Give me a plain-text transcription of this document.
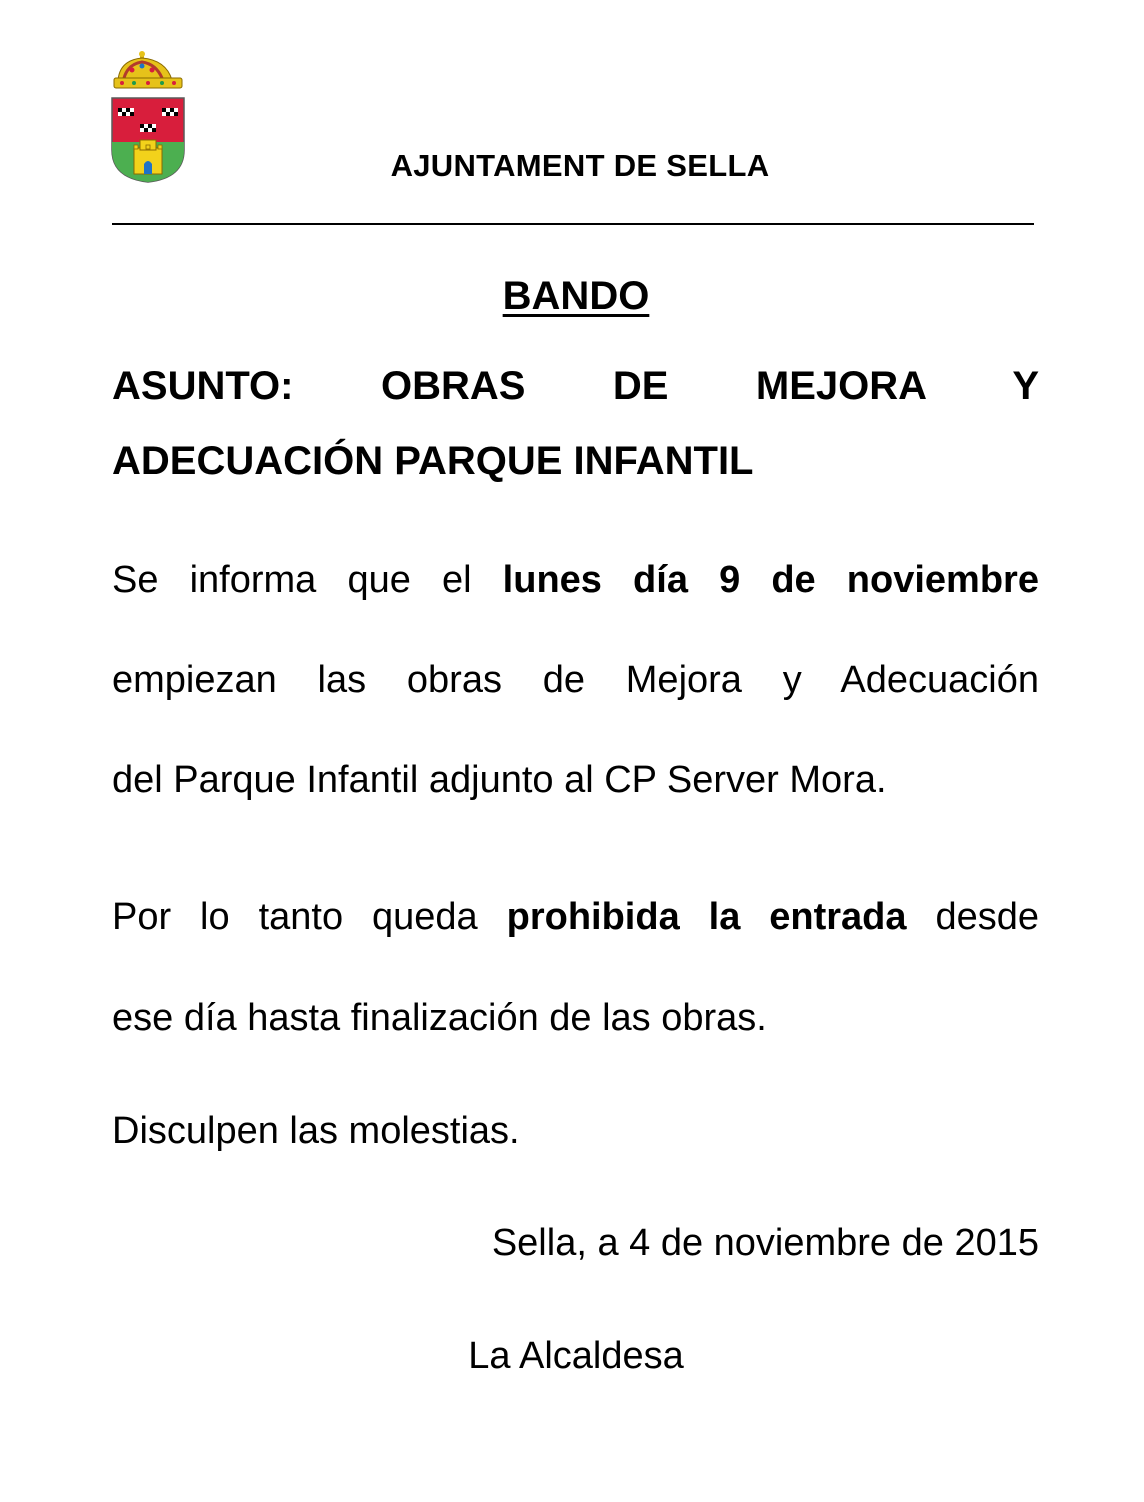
AJUNTAMENT DE SELLA
BANDO
ASUNTO: OBRAS DE MEJORA Y
ADECUACIÓN PARQUE INFANTIL
Se informa que el lunes día 9 de noviembre
empiezan las obras de Mejora y Adecuación
del Parque Infantil adjunto al CP Server Mora.
Por lo tanto queda prohibida la entrada desde
ese día hasta finalización de las obras.
Disculpen las molestias.
Sella, a 4 de noviembre de 2015
La Alcaldesa
